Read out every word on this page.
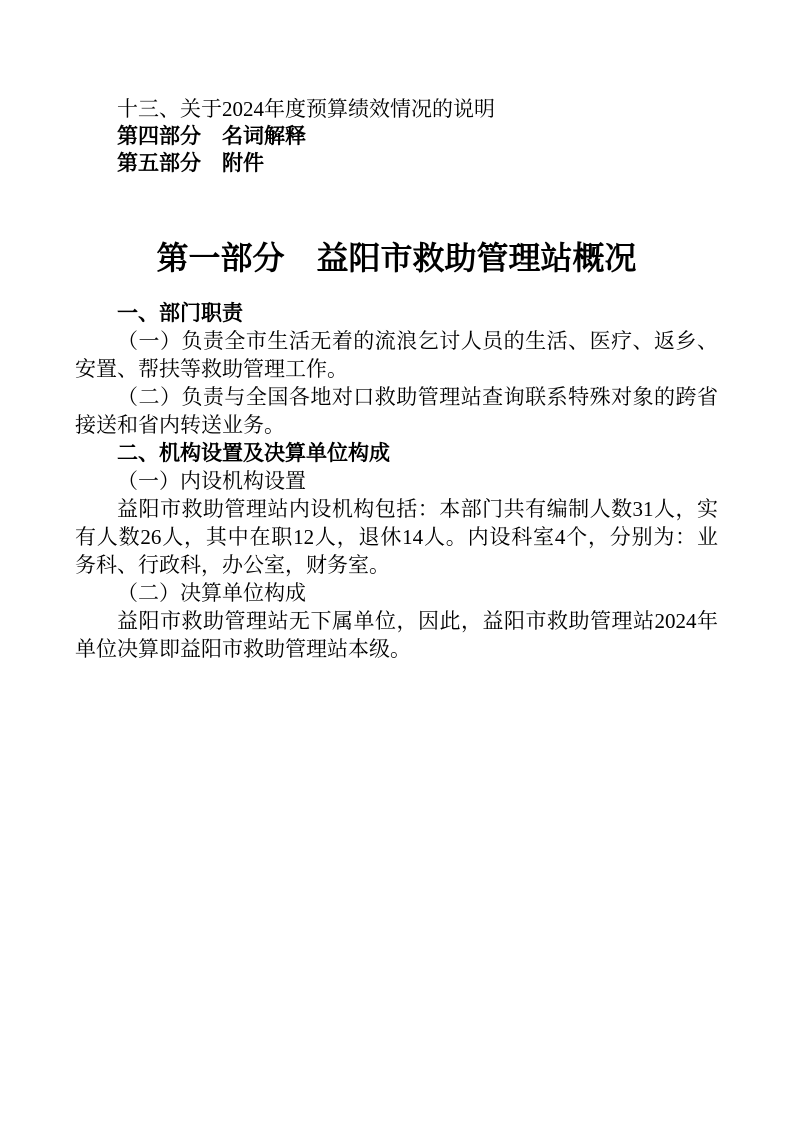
十三、关于2024年度预算绩效情况的说明
第四部分　名词解释
第五部分　附件
第一部分　益阳市救助管理站概况
一、部门职责
（一）负责全市生活无着的流浪乞讨人员的生活、医疗、返乡、
安置、帮扶等救助管理工作。
（二）负责与全国各地对口救助管理站查询联系特殊对象的跨省
接送和省内转送业务。
二、机构设置及决算单位构成
（一）内设机构设置
益阳市救助管理站内设机构包括：本部门共有编制人数31人，实
有人数26人，其中在职12人，退休14人。内设科室4个，分别为：业
务科、行政科，办公室，财务室。
（二）决算单位构成
益阳市救助管理站无下属单位，因此，益阳市救助管理站2024年
单位决算即益阳市救助管理站本级。
